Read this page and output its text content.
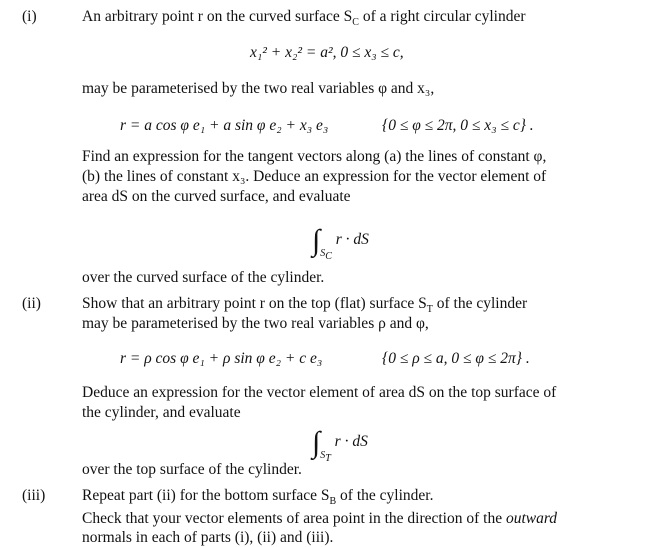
(i)	An arbitrary point r on the curved surface $S_C$ of a right circular cylinder
x₁² + x₂² = a², 0 ≤ x₃ ≤ c,
may be parameterised by the two real variables φ and x₃,
r = a cos φ e₁ + a sin φ e₂ + x₃ e₃	{0 ≤ φ ≤ 2π, 0 ≤ x₃ ≤ c} .
Find an expression for the tangent vectors along (a) the lines of constant φ,
(b) the lines of constant x₃. Deduce an expression for the vector element of
area dS on the curved surface, and evaluate
$\int_{S_C}$ r · dS
over the curved surface of the cylinder.
(ii)	Show that an arbitrary point r on the top (flat) surface $S_T$ of the cylinder
may be parameterised by the two real variables ρ and φ,
r = ρ cos φ e₁ + ρ sin φ e₂ + c e₃	{0 ≤ ρ ≤ a, 0 ≤ φ ≤ 2π} .
Deduce an expression for the vector element of area dS on the top surface of
the cylinder, and evaluate
$\int_{S_T}$ r · dS
over the top surface of the cylinder.
(iii) Repeat part (ii) for the bottom surface $S_B$ of the cylinder.
Check that your vector elements of area point in the direction of the outward
normals in each of parts (i), (ii) and (iii).
